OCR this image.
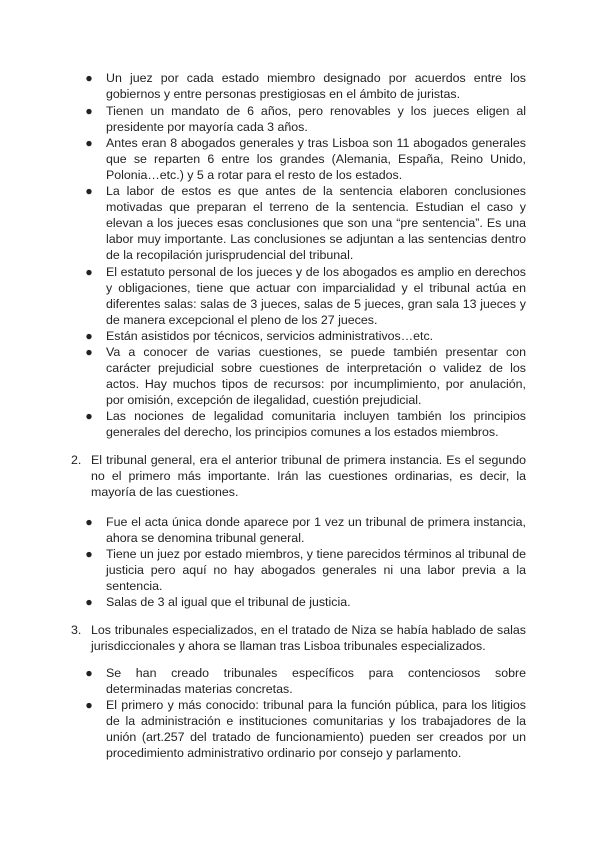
● Un juez por cada estado miembro designado por acuerdos entre los gobiernos y entre personas prestigiosas en el ámbito de juristas.
● Tienen un mandato de 6 años, pero renovables y los jueces eligen al presidente por mayoría cada 3 años.
● Antes eran 8 abogados generales y tras Lisboa son 11 abogados generales que se reparten 6 entre los grandes (Alemania, España, Reino Unido, Polonia…etc.) y 5 a rotar para el resto de los estados.
● La labor de estos es que antes de la sentencia elaboren conclusiones motivadas que preparan el terreno de la sentencia. Estudian el caso y elevan a los jueces esas conclusiones que son una “pre sentencia”. Es una labor muy importante. Las conclusiones se adjuntan a las sentencias dentro de la recopilación jurisprudencial del tribunal.
● El estatuto personal de los jueces y de los abogados es amplio en derechos y obligaciones, tiene que actuar con imparcialidad y el tribunal actúa en diferentes salas: salas de 3 jueces, salas de 5 jueces, gran sala 13 jueces y de manera excepcional el pleno de los 27 jueces.
● Están asistidos por técnicos, servicios administrativos…etc.
● Va a conocer de varias cuestiones, se puede también presentar con carácter prejudicial sobre cuestiones de interpretación o validez de los actos. Hay muchos tipos de recursos: por incumplimiento, por anulación, por omisión, excepción de ilegalidad, cuestión prejudicial.
● Las nociones de legalidad comunitaria incluyen también los principios generales del derecho, los principios comunes a los estados miembros.
2. El tribunal general, era el anterior tribunal de primera instancia. Es el segundo no el primero más importante. Irán las cuestiones ordinarias, es decir, la mayoría de las cuestiones.
● Fue el acta única donde aparece por 1 vez un tribunal de primera instancia, ahora se denomina tribunal general.
● Tiene un juez por estado miembros, y tiene parecidos términos al tribunal de justicia pero aquí no hay abogados generales ni una labor previa a la sentencia.
● Salas de 3 al igual que el tribunal de justicia.
3. Los tribunales especializados, en el tratado de Niza se había hablado de salas jurisdiccionales y ahora se llaman tras Lisboa tribunales especializados.
● Se han creado tribunales específicos para contenciosos sobre determinadas materias concretas.
● El primero y más conocido: tribunal para la función pública, para los litigios de la administración e instituciones comunitarias y los trabajadores de la unión (art.257 del tratado de funcionamiento) pueden ser creados por un procedimiento administrativo ordinario por consejo y parlamento.
